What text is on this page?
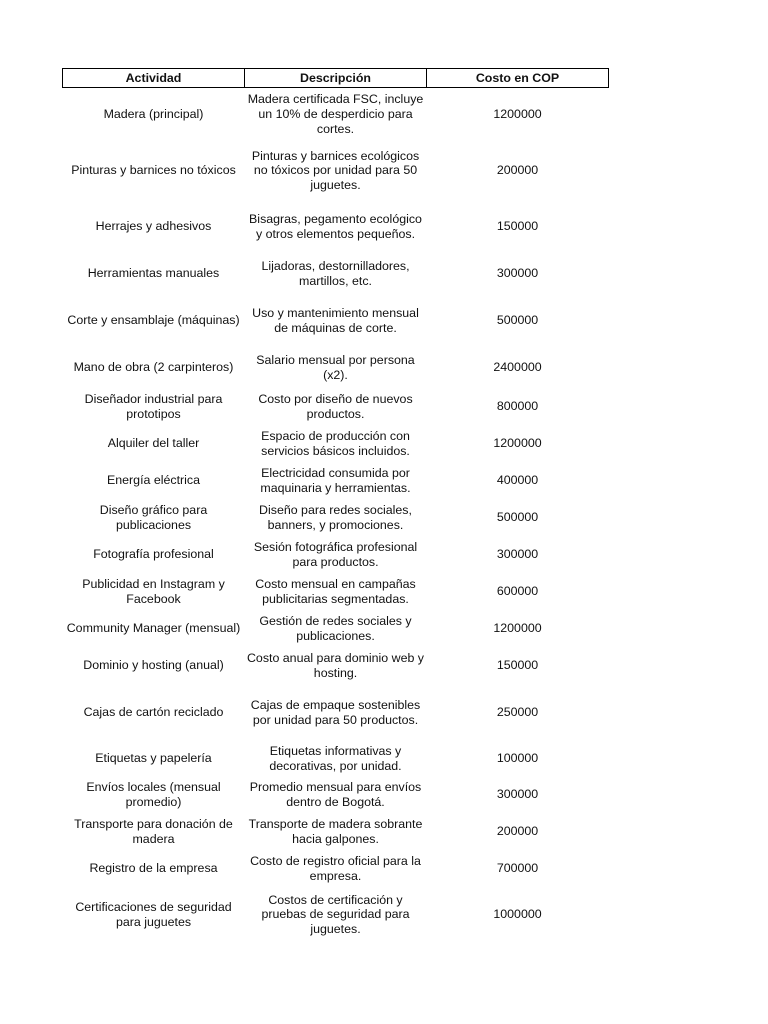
Actividad	Descripción	Costo en COP
Madera (principal)	Madera certificada FSC, incluye un 10% de desperdicio para cortes.	1200000
Pinturas y barnices no tóxicos	Pinturas y barnices ecológicos no tóxicos por unidad para 50 juguetes.	200000
Herrajes y adhesivos	Bisagras, pegamento ecológico y otros elementos pequeños.	150000
Herramientas manuales	Lijadoras, destornilladores, martillos, etc.	300000
Corte y ensamblaje (máquinas)	Uso y mantenimiento mensual de máquinas de corte.	500000
Mano de obra (2 carpinteros)	Salario mensual por persona (x2).	2400000
Diseñador industrial para prototipos	Costo por diseño de nuevos productos.	800000
Alquiler del taller	Espacio de producción con servicios básicos incluidos.	1200000
Energía eléctrica	Electricidad consumida por maquinaria y herramientas.	400000
Diseño gráfico para publicaciones	Diseño para redes sociales, banners, y promociones.	500000
Fotografía profesional	Sesión fotográfica profesional para productos.	300000
Publicidad en Instagram y Facebook	Costo mensual en campañas publicitarias segmentadas.	600000
Community Manager (mensual)	Gestión de redes sociales y publicaciones.	1200000
Dominio y hosting (anual)	Costo anual para dominio web y hosting.	150000
Cajas de cartón reciclado	Cajas de empaque sostenibles por unidad para 50 productos.	250000
Etiquetas y papelería	Etiquetas informativas y decorativas, por unidad.	100000
Envíos locales (mensual promedio)	Promedio mensual para envíos dentro de Bogotá.	300000
Transporte para donación de madera	Transporte de madera sobrante hacia galpones.	200000
Registro de la empresa	Costo de registro oficial para la empresa.	700000
Certificaciones de seguridad para juguetes	Costos de certificación y pruebas de seguridad para juguetes.	1000000
